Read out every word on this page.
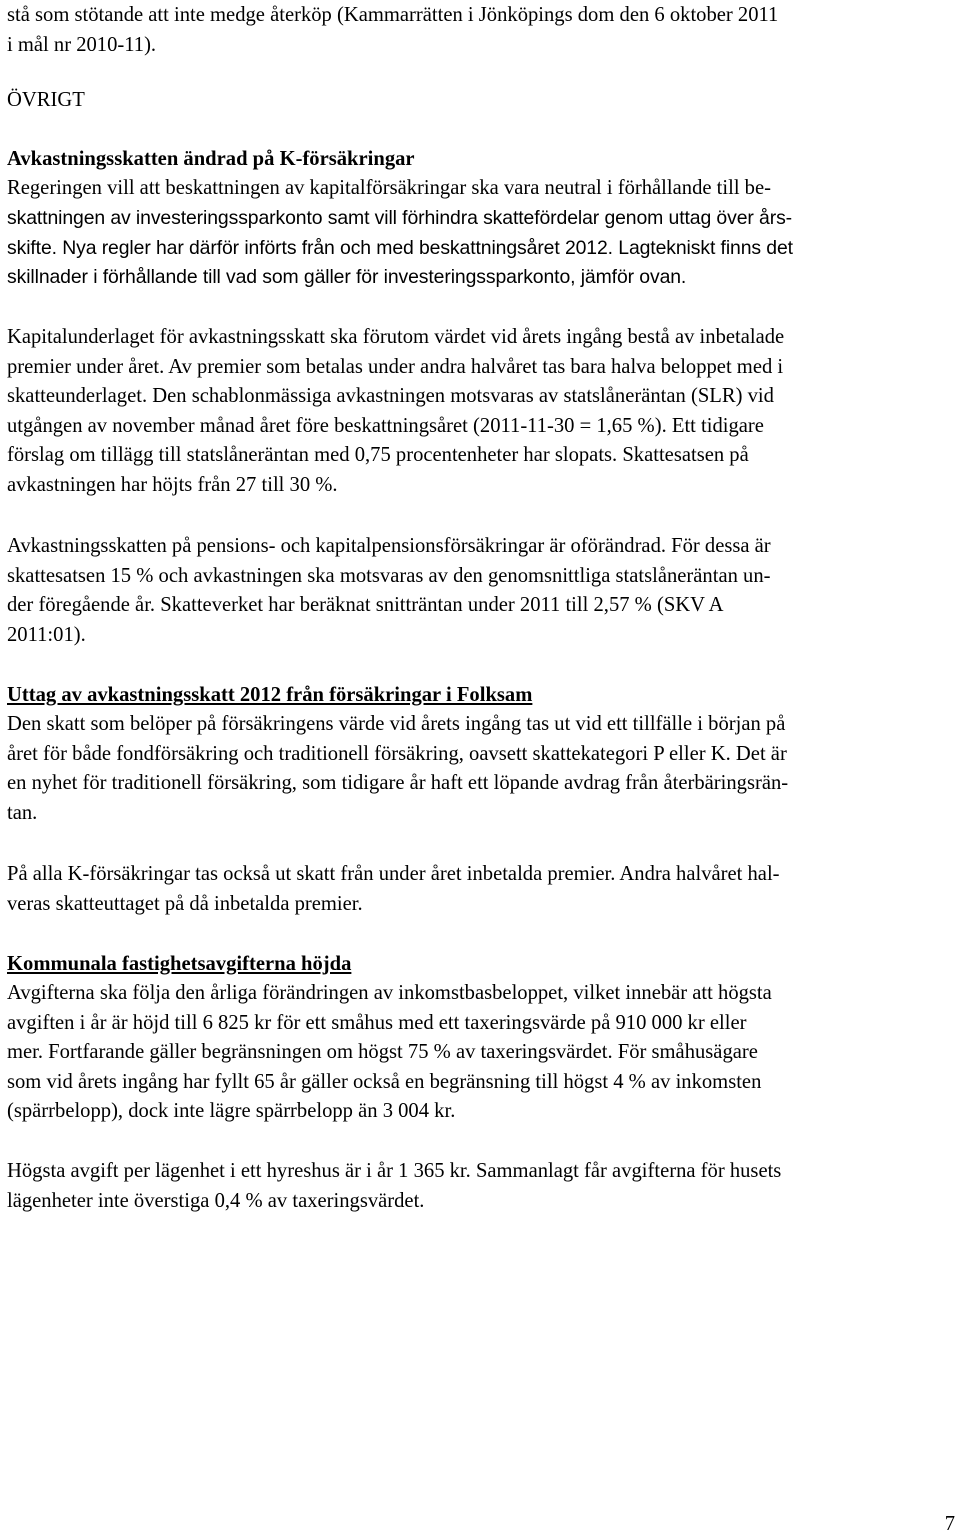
stå som stötande att inte medge återköp (Kammarrätten i Jönköpings dom den 6 oktober 2011
i mål nr 2010-11).

ÖVRIGT

Avkastningsskatten ändrad på K-försäkringar

Regeringen vill att beskattningen av kapitalförsäkringar ska vara neutral i förhållande till be-

skattningen av investeringssparkonto samt vill förhindra skattefördelar genom uttag över års-
skifte. Nya regler har därför införts från och med beskattningsåret 2012. Lagtekniskt finns det
skillnader i förhållande till vad som gäller för investeringssparkonto, jämför ovan.

Kapitalunderlaget för avkastningsskatt ska förutom värdet vid årets ingång bestå av inbetalade
premier under året. Av premier som betalas under andra halvåret tas bara halva beloppet med i
skatteunderlaget. Den schablonmässiga avkastningen motsvaras av statslåneräntan (SLR) vid
utgången av november månad året före beskattningsåret (2011-11-30 = 1,65 %). Ett tidigare
förslag om tillägg till statslåneräntan med 0,75 procentenheter har slopats. Skattesatsen på
avkastningen har höjts från 27 till 30 %.

Avkastningsskatten på pensions- och kapitalpensionsförsäkringar är oförändrad. För dessa är
skattesatsen 15 % och avkastningen ska motsvaras av den genomsnittliga statslåneräntan un-
der föregående år. Skatteverket har beräknat snitträntan under 2011 till 2,57 % (SKV A
2011:01).

Uttag av avkastningsskatt 2012 från försäkringar i Folksam

Den skatt som belöper på försäkringens värde vid årets ingång tas ut vid ett tillfälle i början på
året för både fondförsäkring och traditionell försäkring, oavsett skattekategori P eller K. Det är
en nyhet för traditionell försäkring, som tidigare år haft ett löpande avdrag från återbäringsrän-
tan.

På alla K-försäkringar tas också ut skatt från under året inbetalda premier. Andra halvåret hal-
veras skatteuttaget på då inbetalda premier.

Kommunala fastighetsavgifterna höjda

Avgifterna ska följa den årliga förändringen av inkomstbasbeloppet, vilket innebär att högsta
avgiften i år är höjd till 6 825 kr för ett småhus med ett taxeringsvärde på 910 000 kr eller
mer. Fortfarande gäller begränsningen om högst 75 % av taxeringsvärdet. För småhusägare
som vid årets ingång har fyllt 65 år gäller också en begränsning till högst 4 % av inkomsten
(spärrbelopp), dock inte lägre spärrbelopp än 3 004 kr.

Högsta avgift per lägenhet i ett hyreshus är i år 1 365 kr. Sammanlagt får avgifterna för husets
lägenheter inte överstiga 0,4 % av taxeringsvärdet.

7
